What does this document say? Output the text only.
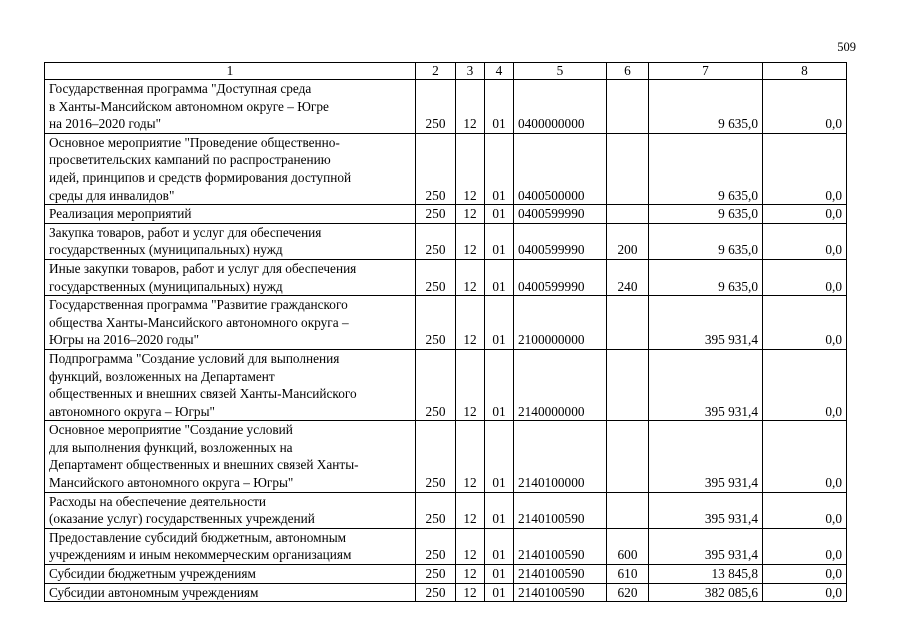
509
1	2	3	4	5	6	7	8

Государственная программа "Доступная среда
в Ханты-Мансийском автономном округе – Югре
на 2016–2020 годы"	250	12	01	0400000000		9 635,0	0,0

Основное мероприятие "Проведение общественно-
просветительских кампаний по распространению
идей, принципов и средств формирования доступной
среды для инвалидов"	250	12	01	0400500000		9 635,0	0,0

Реализация мероприятий	250	12	01	0400599990		9 635,0	0,0

Закупка товаров, работ и услуг для обеспечения
государственных (муниципальных) нужд	250	12	01	0400599990	200	9 635,0	0,0

Иные закупки товаров, работ и услуг для обеспечения
государственных (муниципальных) нужд	250	12	01	0400599990	240	9 635,0	0,0

Государственная программа "Развитие гражданского
общества Ханты-Мансийского автономного округа –
Югры на 2016–2020 годы"	250	12	01	2100000000		395 931,4	0,0

Подпрограмма "Создание условий для выполнения
функций, возложенных на Департамент
общественных и внешних связей Ханты-Мансийского
автономного округа – Югры"	250	12	01	2140000000		395 931,4	0,0

Основное мероприятие "Создание условий
для выполнения функций, возложенных на
Департамент общественных и внешних связей Ханты-
Мансийского автономного округа – Югры"	250	12	01	2140100000		395 931,4	0,0

Расходы на обеспечение деятельности
(оказание услуг) государственных учреждений	250	12	01	2140100590		395 931,4	0,0

Предоставление субсидий бюджетным, автономным
учреждениям и иным некоммерческим организациям	250	12	01	2140100590	600	395 931,4	0,0

Субсидии бюджетным учреждениям	250	12	01	2140100590	610	13 845,8	0,0

Субсидии автономным учреждениям	250	12	01	2140100590	620	382 085,6	0,0
